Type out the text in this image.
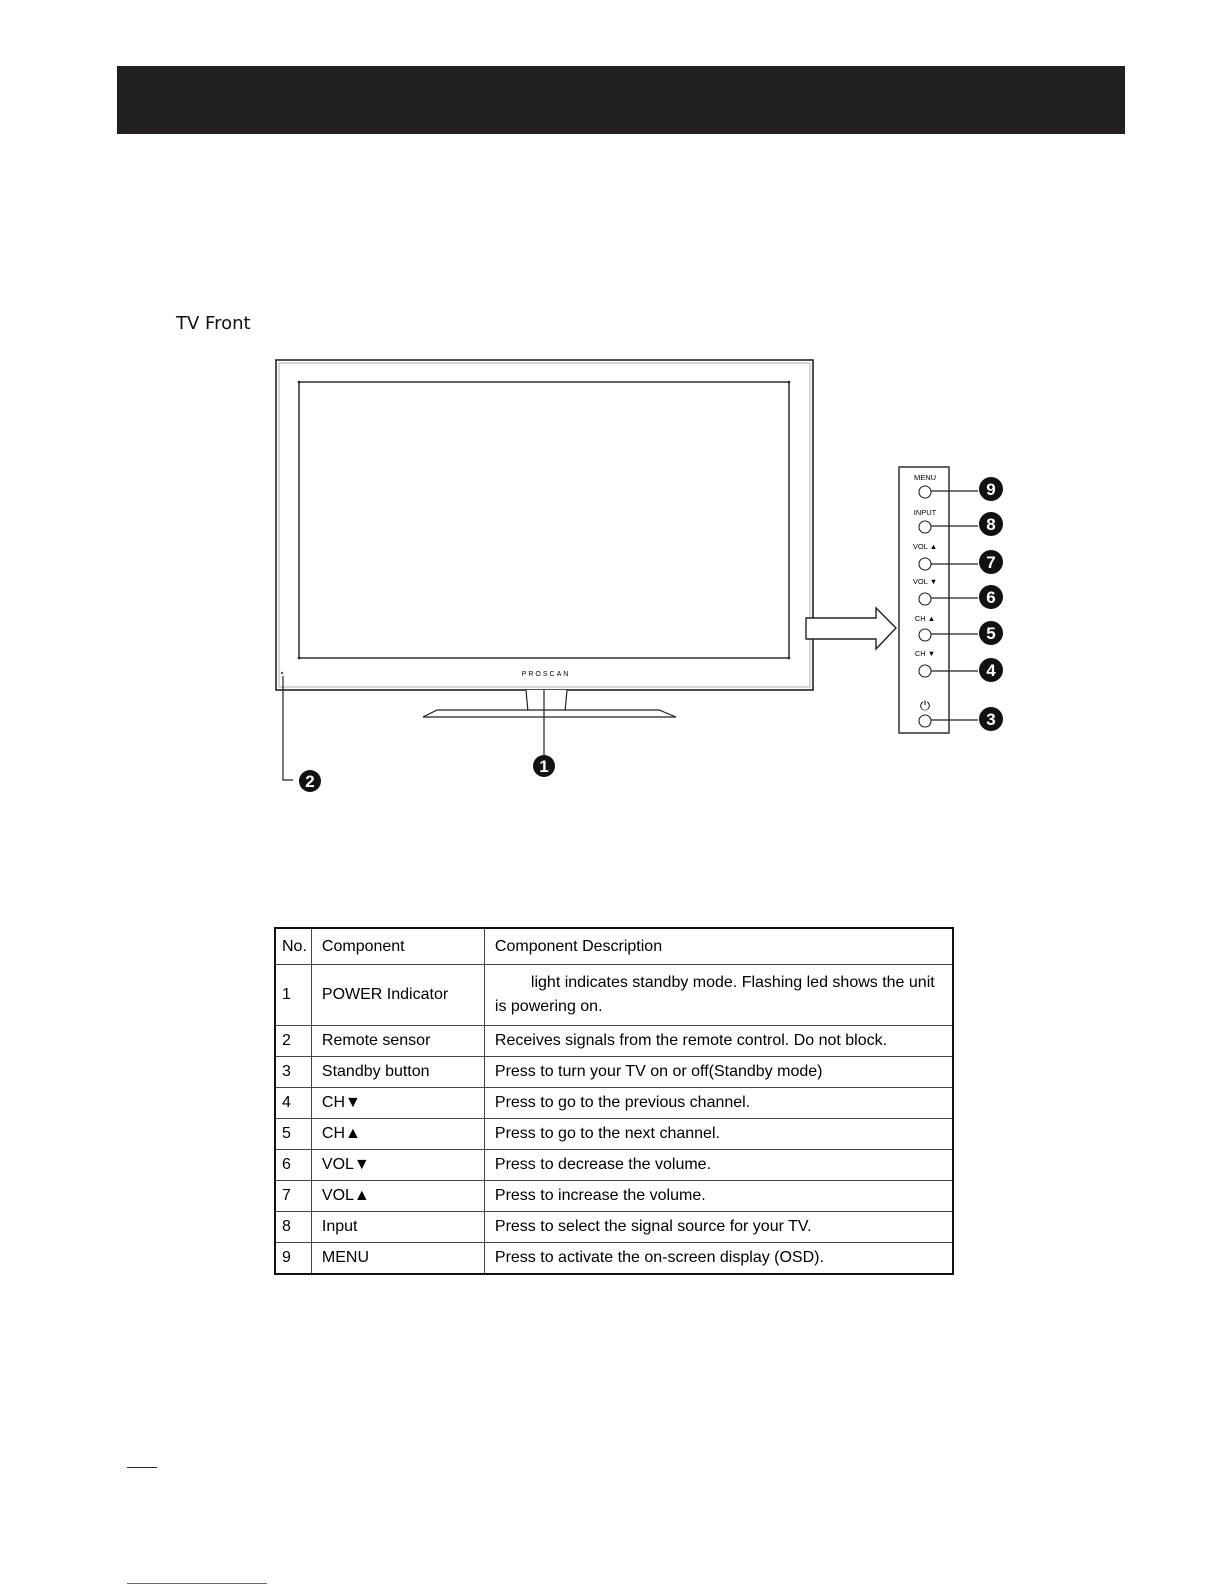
TV Front
PROSCAN
MENU
INPUT
VOL ▲
VOL ▼
CH ▲
CH ▼
⏻
1
2
3
4
5
6
7
8
9
No.	Component	Component Description
1	POWER Indicator	light indicates standby mode. Flashing led shows the unit is powering on.
2	Remote sensor	Receives signals from the remote control. Do not block.
3	Standby button	Press to turn your TV on or off(Standby mode)
4	CH▼	Press to go to the previous channel.
5	CH▲	Press to go to the next channel.
6	VOL▼	Press to decrease the volume.
7	VOL▲	Press to increase the volume.
8	Input	Press to select the signal source for your TV.
9	MENU	Press to activate the on-screen display (OSD).
